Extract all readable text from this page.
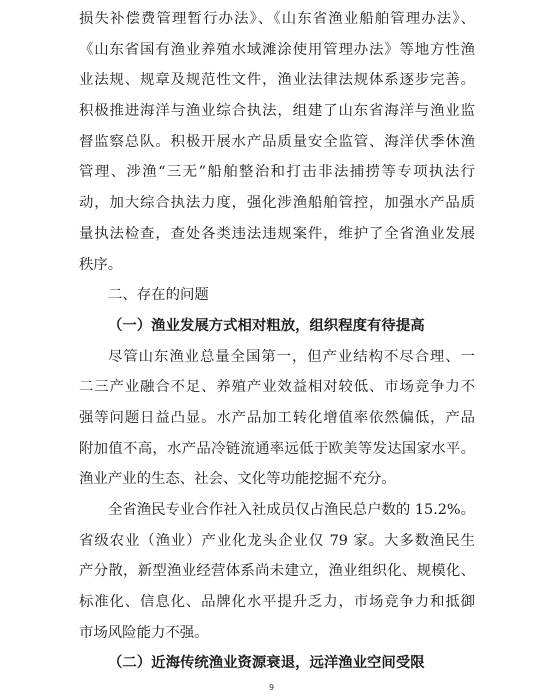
损失补偿费管理暂行办法》、《山东省渔业船舶管理办法》、
《山东省国有渔业养殖水域滩涂使用管理办法》等地方性渔
业法规、规章及规范性文件，渔业法律法规体系逐步完善。
积极推进海洋与渔业综合执法，组建了山东省海洋与渔业监
督监察总队。积极开展水产品质量安全监管、海洋伏季休渔
管理、涉渔“三无”船舶整治和打击非法捕捞等专项执法行
动，加大综合执法力度，强化涉渔船舶管控，加强水产品质
量执法检查，查处各类违法违规案件，维护了全省渔业发展
秩序。
二、存在的问题
（一）渔业发展方式相对粗放，组织程度有待提高
尽管山东渔业总量全国第一，但产业结构不尽合理、一
二三产业融合不足、养殖产业效益相对较低、市场竞争力不
强等问题日益凸显。水产品加工转化增值率依然偏低，产品
附加值不高，水产品冷链流通率远低于欧美等发达国家水平。
渔业产业的生态、社会、文化等功能挖掘不充分。
全省渔民专业合作社入社成员仅占渔民总户数的 15.2%。
省级农业（渔业）产业化龙头企业仅 79 家。大多数渔民生
产分散，新型渔业经营体系尚未建立，渔业组织化、规模化、
标准化、信息化、品牌化水平提升乏力，市场竞争力和抵御
市场风险能力不强。
（二）近海传统渔业资源衰退，远洋渔业空间受限
9
